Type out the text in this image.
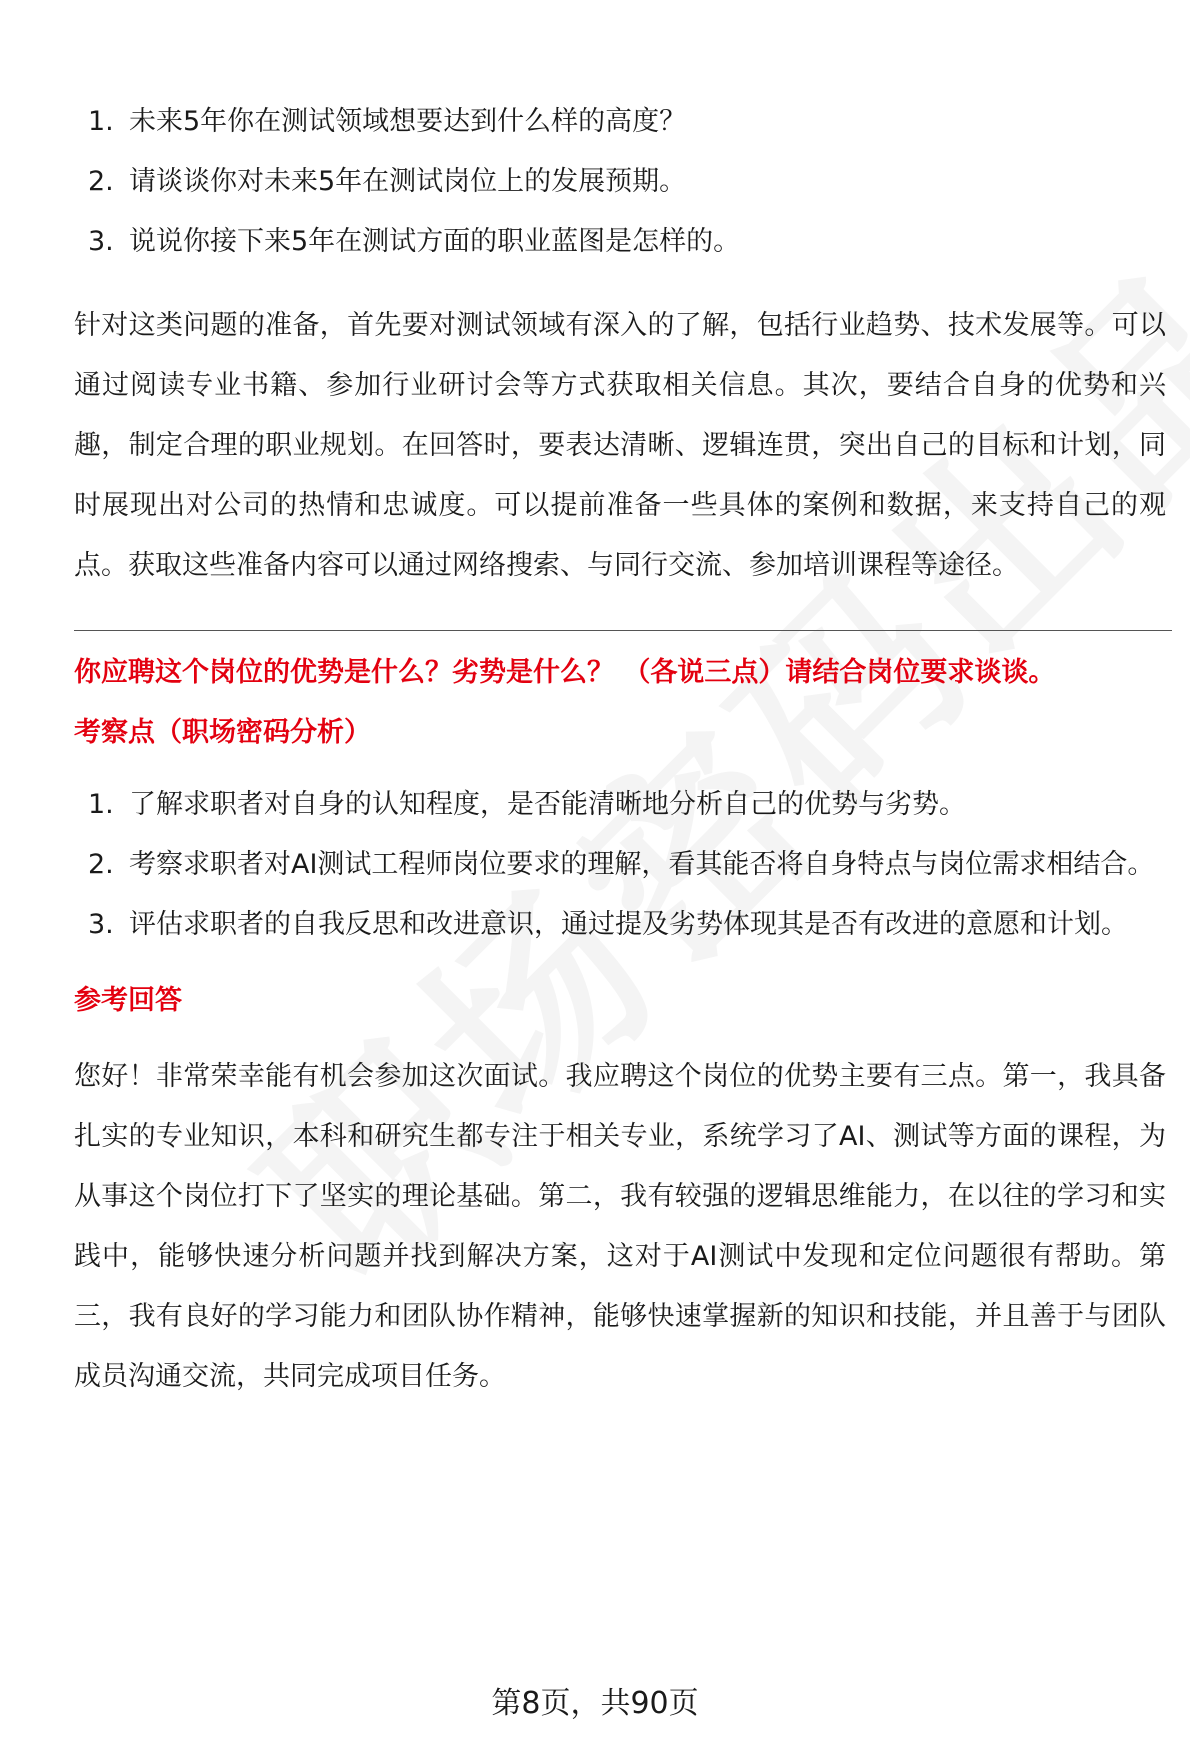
1. 未来5年你在测试领域想要达到什么样的高度？
2. 请谈谈你对未来5年在测试岗位上的发展预期。
3. 说说你接下来5年在测试方面的职业蓝图是怎样的。

针对这类问题的准备，首先要对测试领域有深入的了解，包括行业趋势、技术发展等。可以通过阅读专业书籍、参加行业研讨会等方式获取相关信息。其次，要结合自身的优势和兴趣，制定合理的职业规划。在回答时，要表达清晰、逻辑连贯，突出自己的目标和计划，同时展现出对公司的热情和忠诚度。可以提前准备一些具体的案例和数据，来支持自己的观点。获取这些准备内容可以通过网络搜索、与同行交流、参加培训课程等途径。

你应聘这个岗位的优势是什么？劣势是什么？ （各说三点）请结合岗位要求谈谈。

考察点（职场密码分析）

1. 了解求职者对自身的认知程度，是否能清晰地分析自己的优势与劣势。
2. 考察求职者对AI测试工程师岗位要求的理解，看其能否将自身特点与岗位需求相结合。
3. 评估求职者的自我反思和改进意识，通过提及劣势体现其是否有改进的意愿和计划。

参考回答

您好！非常荣幸能有机会参加这次面试。我应聘这个岗位的优势主要有三点。第一，我具备扎实的专业知识，本科和研究生都专注于相关专业，系统学习了AI、测试等方面的课程，为从事这个岗位打下了坚实的理论基础。第二，我有较强的逻辑思维能力，在以往的学习和实践中，能够快速分析问题并找到解决方案，这对于AI测试中发现和定位问题很有帮助。第三，我有良好的学习能力和团队协作精神，能够快速掌握新的知识和技能，并且善于与团队成员沟通交流，共同完成项目任务。

第8页，共90页
